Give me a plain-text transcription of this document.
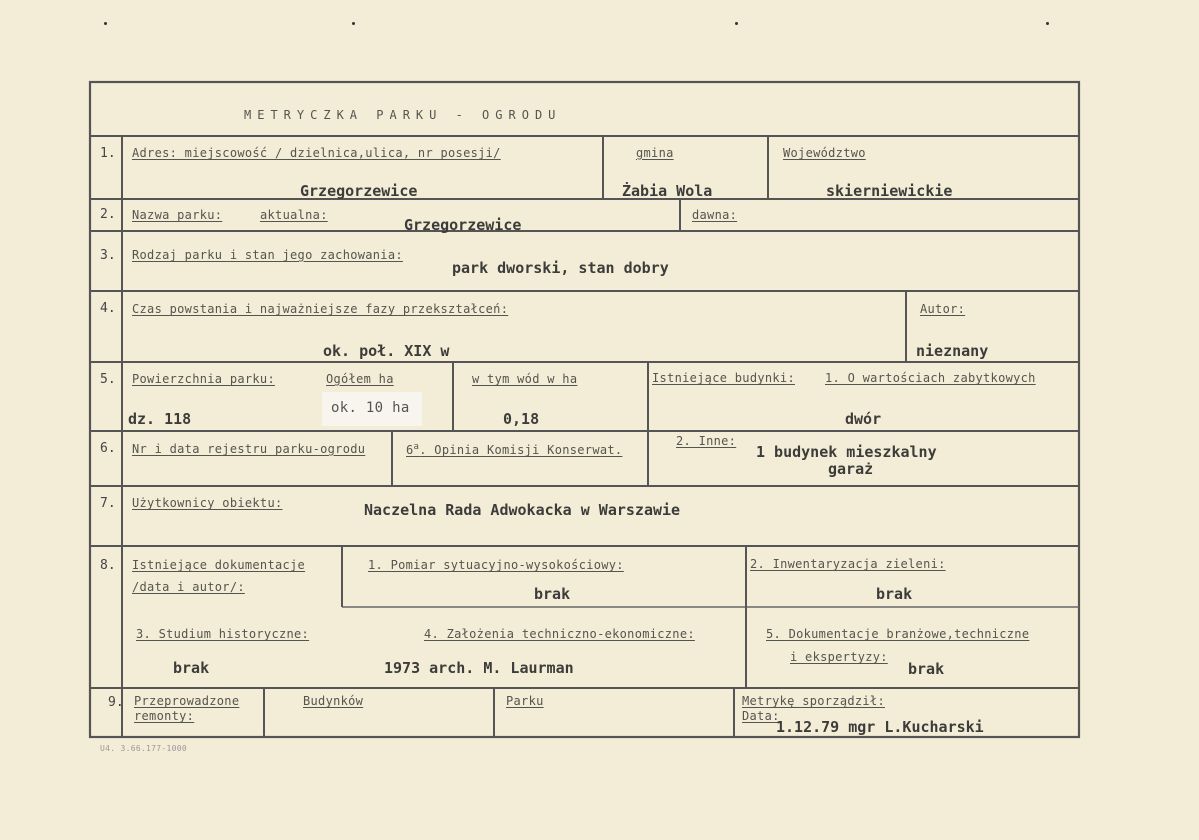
METRYCZKA PARKU - OGRODU
1. Adres: miejscowość / dzielnica,ulica, nr posesji/
Grzegorzewice
gmina
Żabia Wola
Województwo
skierniewickie
2. Nazwa parku:	aktualna:
Grzegorzewice
dawna:
3. Rodzaj parku i stan jego zachowania:
park dworski, stan dobry
4. Czas powstania i najważniejsze fazy przekształceń:
ok. poł. XIX w
Autor:
nieznany
5. Powierzchnia parku:	Ogółem ha
ok. 10 ha
dz. 118
w tym wód w ha
0,18
Istniejące budynki:	1. O wartościach zabytkowych
dwór
6. Nr i data rejestru parku-ogrodu	6$^a$. Opinia Komisji Konserwat.
2. Inne:
1 budynek mieszkalny
garaż
7. Użytkownicy obiektu:	Naczelna Rada Adwokacka w Warszawie
8. Istniejące dokumentacje
/data i autor/:
1. Pomiar sytuacyjno-wysokościowy:
brak
2. Inwentaryzacja zieleni:
brak
3. Studium historyczne:
brak
4. Założenia techniczno-ekonomiczne:
1973 arch. M. Laurman
5. Dokumentacje branżowe,techniczne
i ekspertyzy:
brak
9. Przeprowadzone
remonty:
Budynków	Parku	Metrykę sporządził:
Data:
1.12.79 mgr L.Kucharski
U4. 3.66.177-1000
